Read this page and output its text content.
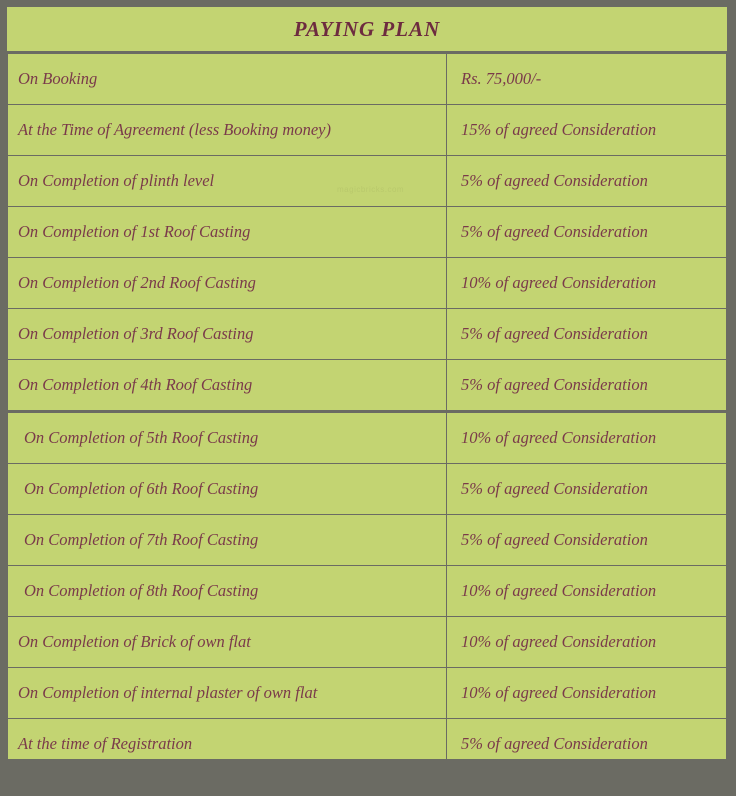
PAYING PLAN
On Booking	Rs. 75,000/-
At the Time of Agreement (less Booking money)	15% of agreed Consideration
On Completion of plinth level	5% of agreed Consideration
On Completion of 1st Roof Casting	5% of agreed Consideration
On Completion of 2nd Roof Casting	10% of agreed Consideration
On Completion of 3rd Roof Casting	5% of agreed Consideration
On Completion of 4th Roof Casting	5% of agreed Consideration
On Completion of 5th Roof Casting	10% of agreed Consideration
On Completion of 6th Roof Casting	5% of agreed Consideration
On Completion of 7th Roof Casting	5% of agreed Consideration
On Completion of 8th Roof Casting	10% of agreed Consideration
On Completion of Brick of own flat	10% of agreed Consideration
On Completion of internal plaster of own flat	10% of agreed Consideration
At the time of Registration	5% of agreed Consideration
magicbricks.com
